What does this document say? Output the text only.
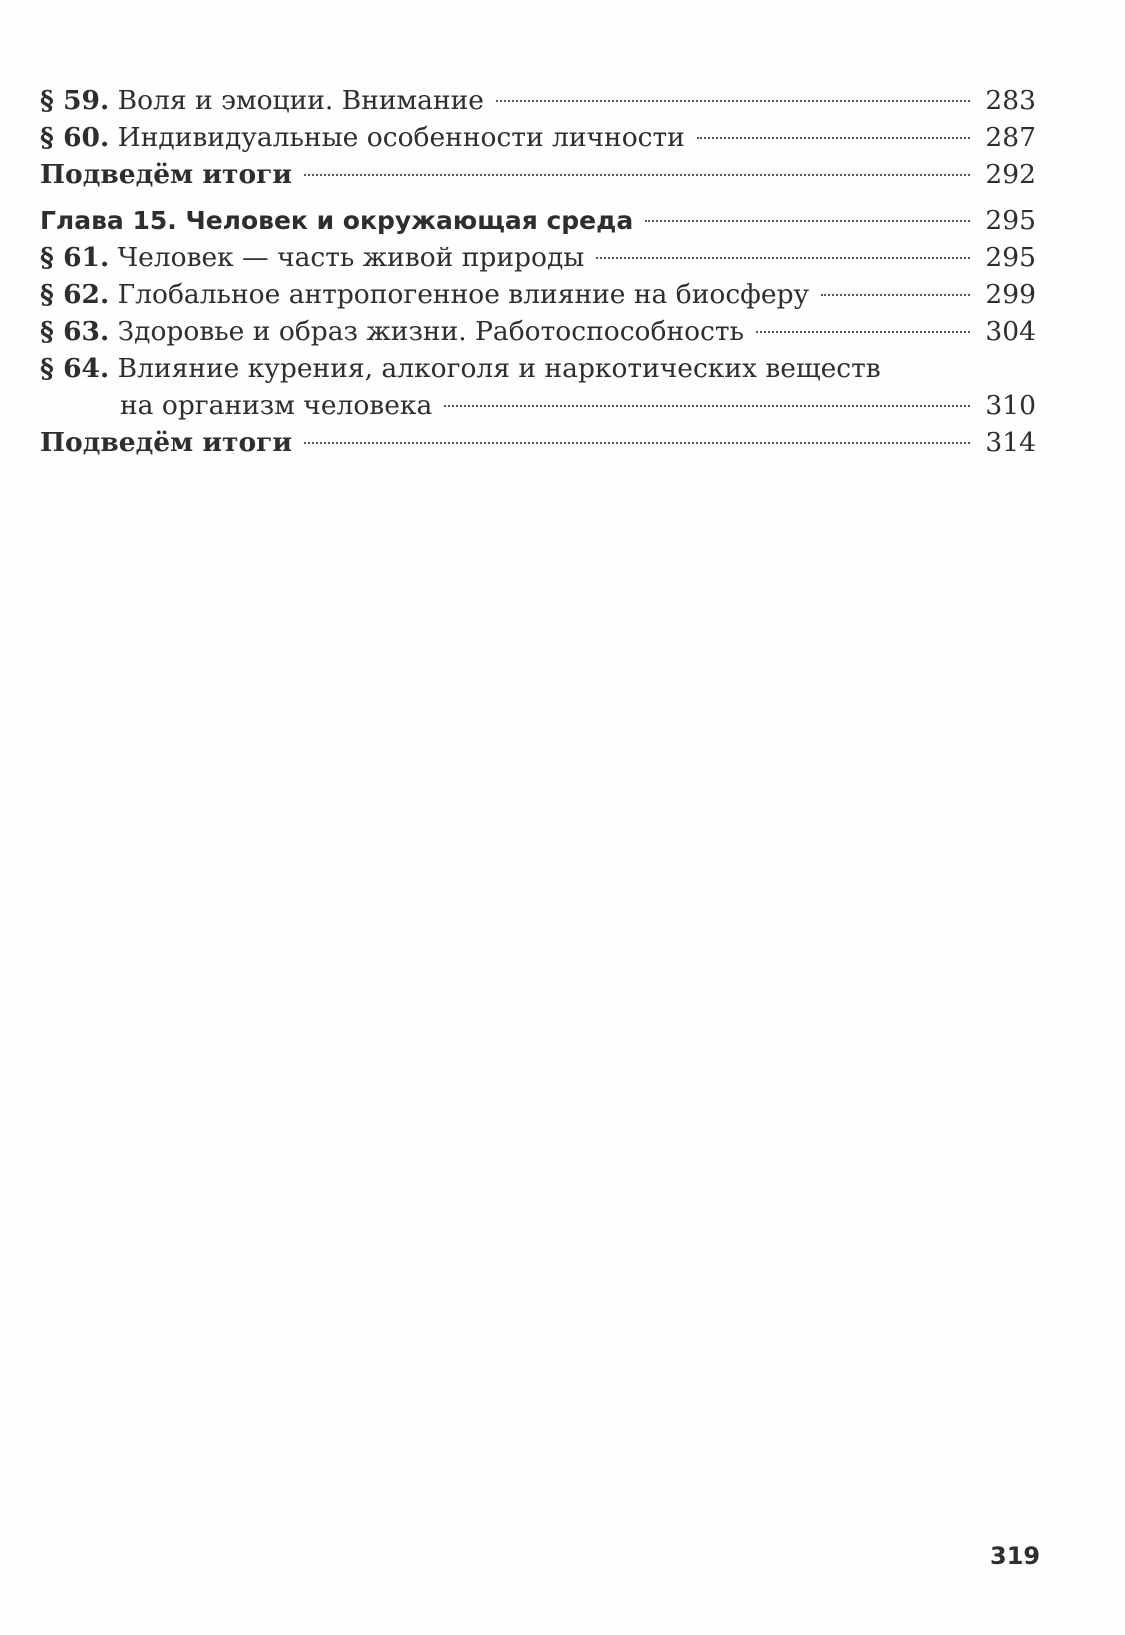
§ 59. Воля и эмоции. Внимание	283
§ 60. Индивидуальные особенности личности	287
Подведём итоги	292
Глава 15. Человек и окружающая среда	295
§ 61. Человек — часть живой природы	295
§ 62. Глобальное антропогенное влияние на биосферу	299
§ 63. Здоровье и образ жизни. Работоспособность	304
§ 64. Влияние курения, алкоголя и наркотических веществ
на организм человека	310
Подведём итоги	314
319
